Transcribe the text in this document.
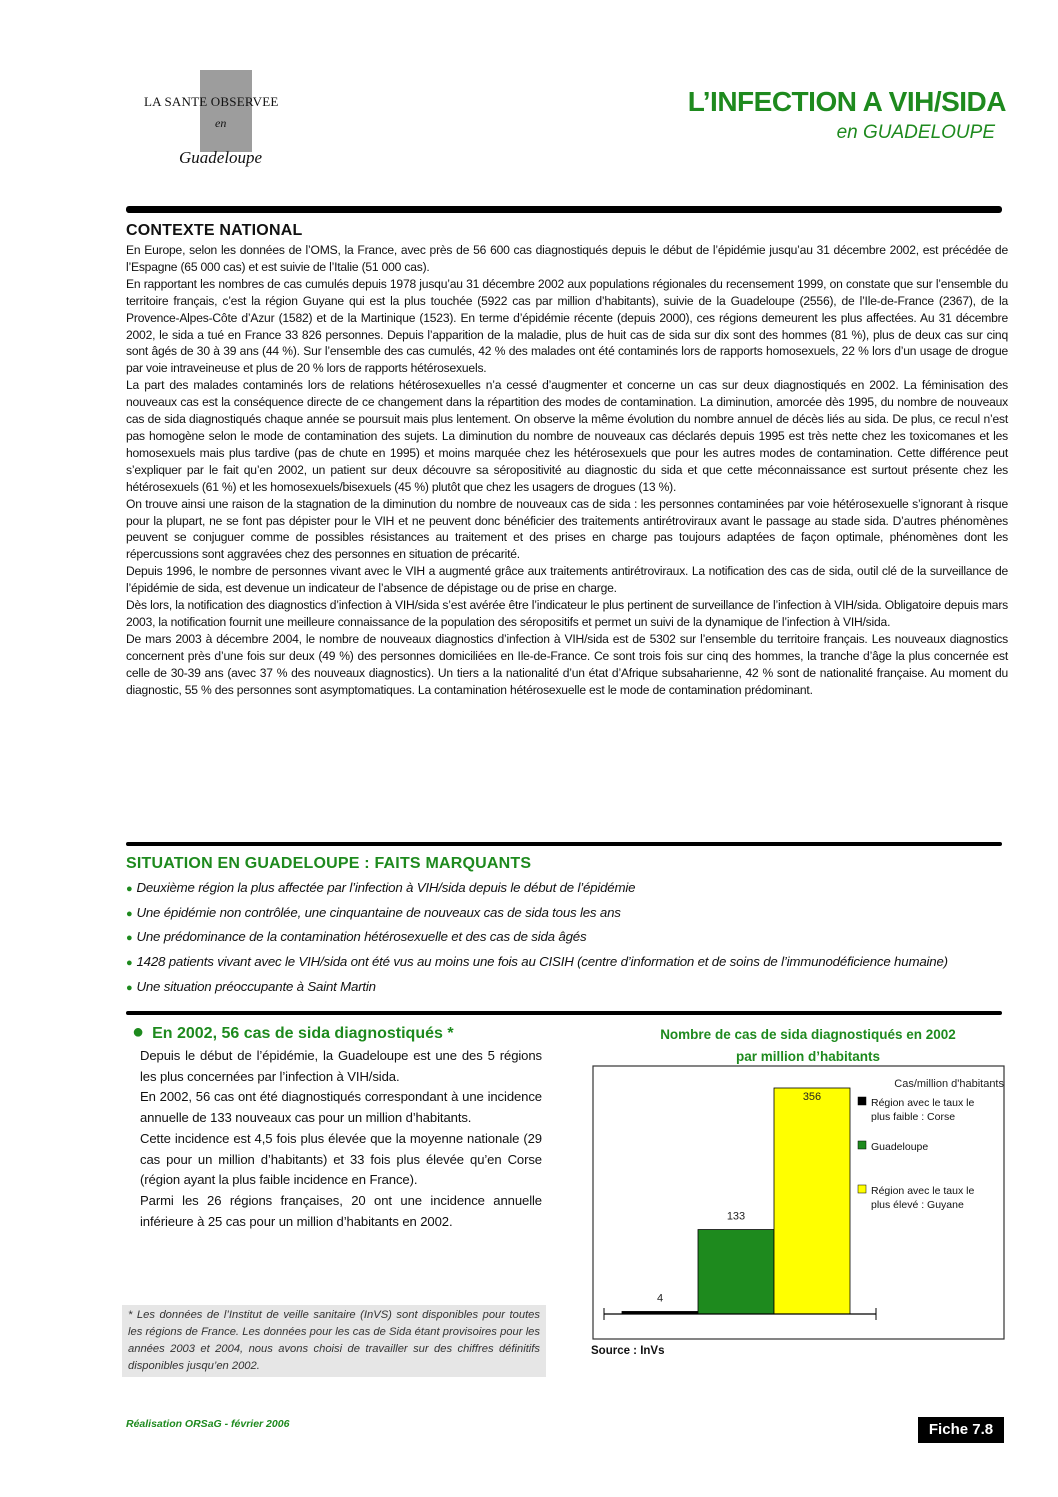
LA SANTE OBSERVEE
en
Guadeloupe
L’INFECTION A VIH/SIDA
en GUADELOUPE
CONTEXTE NATIONAL

En Europe, selon les données de l’OMS, la France, avec près de 56 600 cas diagnostiqués depuis le début de l’épidémie jusqu’au 31 décembre 2002, est précédée de l’Espagne (65 000 cas) et est suivie de l’Italie (51 000 cas).

En rapportant les nombres de cas cumulés depuis 1978 jusqu’au 31 décembre 2002 aux populations régionales du recensement 1999, on constate que sur l’ensemble du territoire français, c’est la région Guyane qui est la plus touchée (5922 cas par million d’habitants), suivie de la Guadeloupe (2556), de l’Ile-de-France (2367), de la Provence-Alpes-Côte d’Azur (1582) et de la Martinique (1523). En terme d’épidémie récente (depuis 2000), ces régions demeurent les plus affectées. Au 31 décembre 2002, le sida a tué en France 33 826 personnes. Depuis l’apparition de la maladie, plus de huit cas de sida sur dix sont des hommes (81 %), plus de deux cas sur cinq sont âgés de 30 à 39 ans (44 %). Sur l’ensemble des cas cumulés, 42 % des malades ont été contaminés lors de rapports homosexuels, 22 % lors d’un usage de drogue par voie intraveineuse et plus de 20 % lors de rapports hétérosexuels.

La part des malades contaminés lors de relations hétérosexuelles n’a cessé d’augmenter et concerne un cas sur deux diagnostiqués en 2002. La féminisation des nouveaux cas est la conséquence directe de ce changement dans la répartition des modes de contamination. La diminution, amorcée dès 1995, du nombre de nouveaux cas de sida diagnostiqués chaque année se poursuit mais plus lentement. On observe la même évolution du nombre annuel de décès liés au sida. De plus, ce recul n’est pas homogène selon le mode de contamination des sujets. La diminution du nombre de nouveaux cas déclarés depuis 1995 est très nette chez les toxicomanes et les homosexuels mais plus tardive (pas de chute en 1995) et moins marquée chez les hétérosexuels que pour les autres modes de contamination. Cette différence peut s’expliquer par le fait qu’en 2002, un patient sur deux découvre sa séropositivité au diagnostic du sida et que cette méconnaissance est surtout présente chez les hétérosexuels (61 %) et les homosexuels/bisexuels (45 %) plutôt que chez les usagers de drogues (13 %).

On trouve ainsi une raison de la stagnation de la diminution du nombre de nouveaux cas de sida : les personnes contaminées par voie hétérosexuelle s’ignorant à risque pour la plupart, ne se font pas dépister pour le VIH et ne peuvent donc bénéficier des traitements antirétroviraux avant le passage au stade sida. D’autres phénomènes peuvent se conjuguer comme de possibles résistances au traitement et des prises en charge pas toujours adaptées de façon optimale, phénomènes dont les répercussions sont aggravées chez des personnes en situation de précarité.

Depuis 1996, le nombre de personnes vivant avec le VIH a augmenté grâce aux traitements antirétroviraux. La notification des cas de sida, outil clé de la surveillance de l’épidémie de sida, est devenue un indicateur de l’absence de dépistage ou de prise en charge.

Dès lors, la notification des diagnostics d’infection à VIH/sida s’est avérée être l’indicateur le plus pertinent de surveillance de l’infection à VIH/sida. Obligatoire depuis mars 2003, la notification fournit une meilleure connaissance de la population des séropositifs et permet un suivi de la dynamique de l’infection à VIH/sida.

De mars 2003 à décembre 2004, le nombre de nouveaux diagnostics d’infection à VIH/sida est de 5302 sur l’ensemble du territoire français. Les nouveaux diagnostics concernent près d’une fois sur deux (49 %) des personnes domiciliées en Ile-de-France. Ce sont trois fois sur cinq des hommes, la tranche d’âge la plus concernée est celle de 30-39 ans (avec 37 % des nouveaux diagnostics). Un tiers a la nationalité d’un état d’Afrique subsaharienne, 42 % sont de nationalité française. Au moment du diagnostic, 55 % des personnes sont asymptomatiques. La contamination hétérosexuelle est le mode de contamination prédominant.

SITUATION EN GUADELOUPE : FAITS MARQUANTS

● Deuxième région la plus affectée par l’infection à VIH/sida depuis le début de l’épidémie

● Une épidémie non contrôlée, une cinquantaine de nouveaux cas de sida tous les ans

● Une prédominance de la contamination hétérosexuelle et des cas de sida âgés

● 1428 patients vivant avec le VIH/sida ont été vus au moins une fois au CISIH (centre d’information et de soins de l’immunodéficience humaine)

● Une situation préoccupante à Saint Martin

● En 2002, 56 cas de sida diagnostiqués *

Depuis le début de l’épidémie, la Guadeloupe est une des 5 régions les plus concernées par l’infection à VIH/sida.

En 2002, 56 cas ont été diagnostiqués correspondant à une incidence annuelle de 133 nouveaux cas pour un million d’habitants.

Cette incidence est 4,5 fois plus élevée que la moyenne nationale (29 cas pour un million d’habitants) et 33 fois plus élevée qu’en Corse (région ayant la plus faible incidence en France).

Parmi les 26 régions françaises, 20 ont une incidence annuelle inférieure à 25 cas pour un million d’habitants en 2002.

* Les données de l’Institut de veille sanitaire (InVS) sont disponibles pour toutes les régions de France. Les données pour les cas de Sida étant provisoires pour les années 2003 et 2004, nous avons choisi de travailler sur des chiffres définitifs disponibles jusqu’en 2002.
Nombre de cas de sida diagnostiqués en 2002
par million d’habitants
4
133
356
Cas/million d'habitants
Région avec le taux le
plus faible : Corse
Guadeloupe
Région avec le taux le
plus élevé : Guyane
Source : InVs
Réalisation ORSaG - février 2006	Fiche 7.8
